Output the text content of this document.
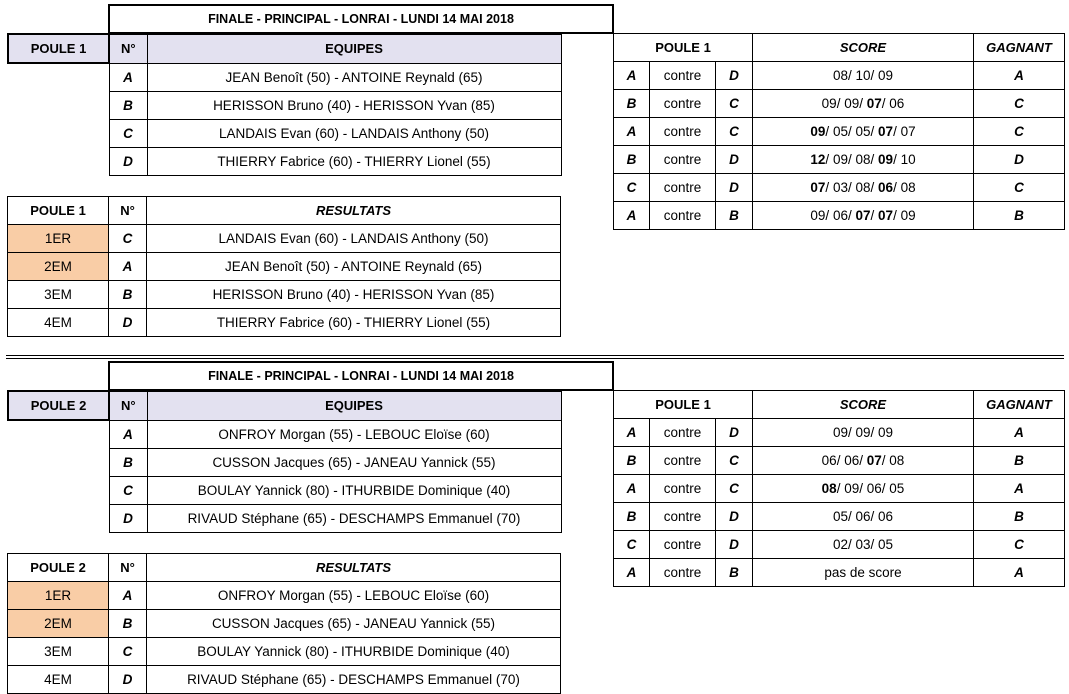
FINALE - PRINCIPAL - LONRAI - LUNDI 14 MAI 2018
POULE 1	N°	EQUIPES
	A	JEAN Benoît (50) - ANTOINE Reynald (65)
	B	HERISSON Bruno (40) - HERISSON Yvan (85)
	C	LANDAIS Evan (60) - LANDAIS Anthony (50)
	D	THIERRY Fabrice (60) - THIERRY Lionel (55)
POULE 1	N°	RESULTATS
1ER	C	LANDAIS Evan (60) - LANDAIS Anthony (50)
2EM	A	JEAN Benoît (50) - ANTOINE Reynald (65)
3EM	B	HERISSON Bruno (40) - HERISSON Yvan (85)
4EM	D	THIERRY Fabrice (60) - THIERRY Lionel (55)
POULE 1			SCORE	GAGNANT
A	contre	D	08/ 10/ 09	A
B	contre	C	09/ 09/ 07/ 06	C
A	contre	C	09/ 05/ 05/ 07/ 07	C
B	contre	D	12/ 09/ 08/ 09/ 10	D
C	contre	D	07/ 03/ 08/ 06/ 08	C
A	contre	B	09/ 06/ 07/ 07/ 09	B
FINALE - PRINCIPAL - LONRAI - LUNDI 14 MAI 2018
POULE 2	N°	EQUIPES
	A	ONFROY Morgan (55) - LEBOUC Eloïse (60)
	B	CUSSON Jacques (65) - JANEAU Yannick (55)
	C	BOULAY Yannick (80) - ITHURBIDE Dominique (40)
	D	RIVAUD Stéphane (65) - DESCHAMPS Emmanuel (70)
POULE 2	N°	RESULTATS
1ER	A	ONFROY Morgan (55) - LEBOUC Eloïse (60)
2EM	B	CUSSON Jacques (65) - JANEAU Yannick (55)
3EM	C	BOULAY Yannick (80) - ITHURBIDE Dominique (40)
4EM	D	RIVAUD Stéphane (65) - DESCHAMPS Emmanuel (70)
POULE 1			SCORE	GAGNANT
A	contre	D	09/ 09/ 09	A
B	contre	C	06/ 06/ 07/ 08	B
A	contre	C	08/ 09/ 06/ 05	A
B	contre	D	05/ 06/ 06	B
C	contre	D	02/ 03/ 05	C
A	contre	B	pas de score	A
